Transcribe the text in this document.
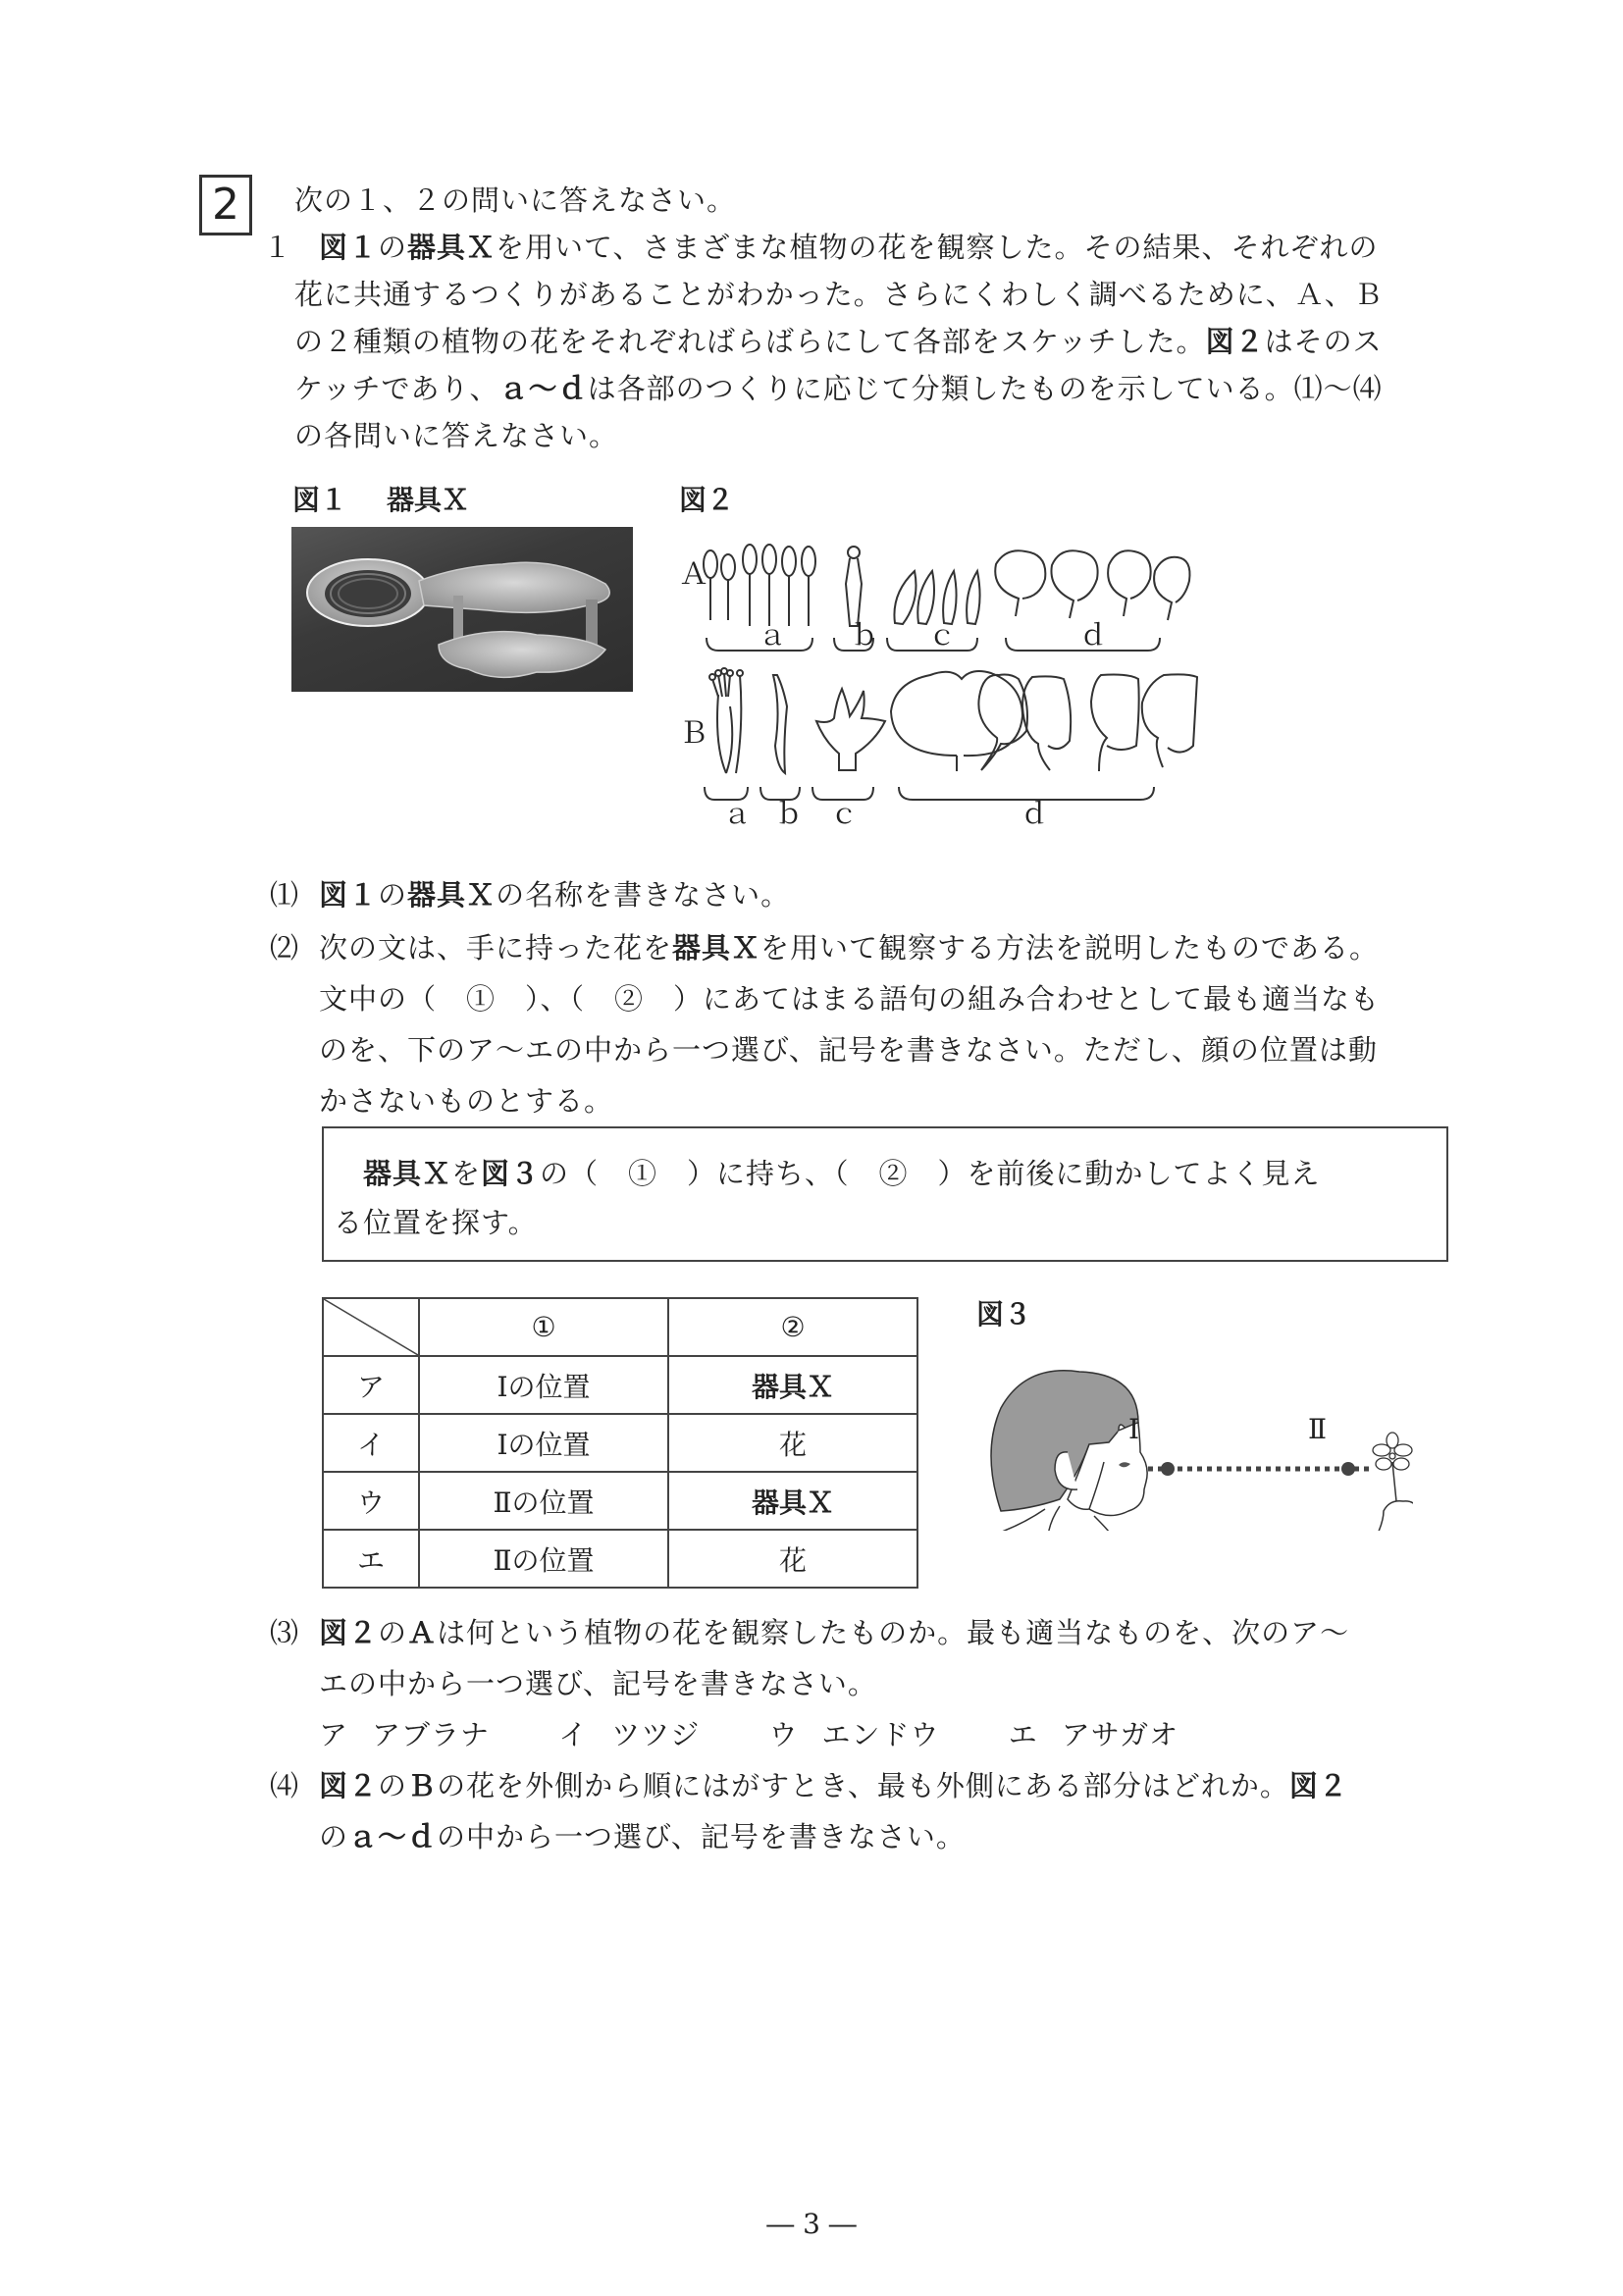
2	次の１、２の問いに答えなさい。
１ 図１の器具Ｘを用いて、さまざまな植物の花を観察した。その結果、それぞれの
花に共通するつくりがあることがわかった。さらにくわしく調べるために、Ａ、Ｂ
の２種類の植物の花をそれぞればらばらにして各部をスケッチした。図２はそのス
ケッチであり、ａ～ｄは各部のつくりに応じて分類したものを示している。⑴～⑷
の各問いに答えなさい。
図１ 器具Ｘ	図２
Ａ
Ｂ
ａ ｂ ｃ	ｄ
ａ ｂ ｃ	ｄ
⑴ 図１の器具Ｘの名称を書きなさい。
⑵ 次の文は、手に持った花を器具Ｘを用いて観察する方法を説明したものである。
文中の（　①　）、（　②　）にあてはまる語句の組み合わせとして最も適当なも
のを、下のア～エの中から一つ選び、記号を書きなさい。ただし、顔の位置は動
かさないものとする。
器具Ｘを図３の（　①　）に持ち、（　②　）を前後に動かしてよく見え
る位置を探す。
	①	②
ア	Ⅰの位置	器具Ｘ
イ	Ⅰの位置	花
ウ	Ⅱの位置	器具Ｘ
エ	Ⅱの位置	花
図３
Ⅰ	Ⅱ
⑶ 図２のＡは何という植物の花を観察したものか。最も適当なものを、次のア～
エの中から一つ選び、記号を書きなさい。
ア アブラナ イ ツツジ ウ エンドウ エ アサガオ
⑷ 図２のＢの花を外側から順にはがすとき、最も外側にある部分はどれか。図２
のａ～ｄの中から一つ選び、記号を書きなさい。
― 3 ―
